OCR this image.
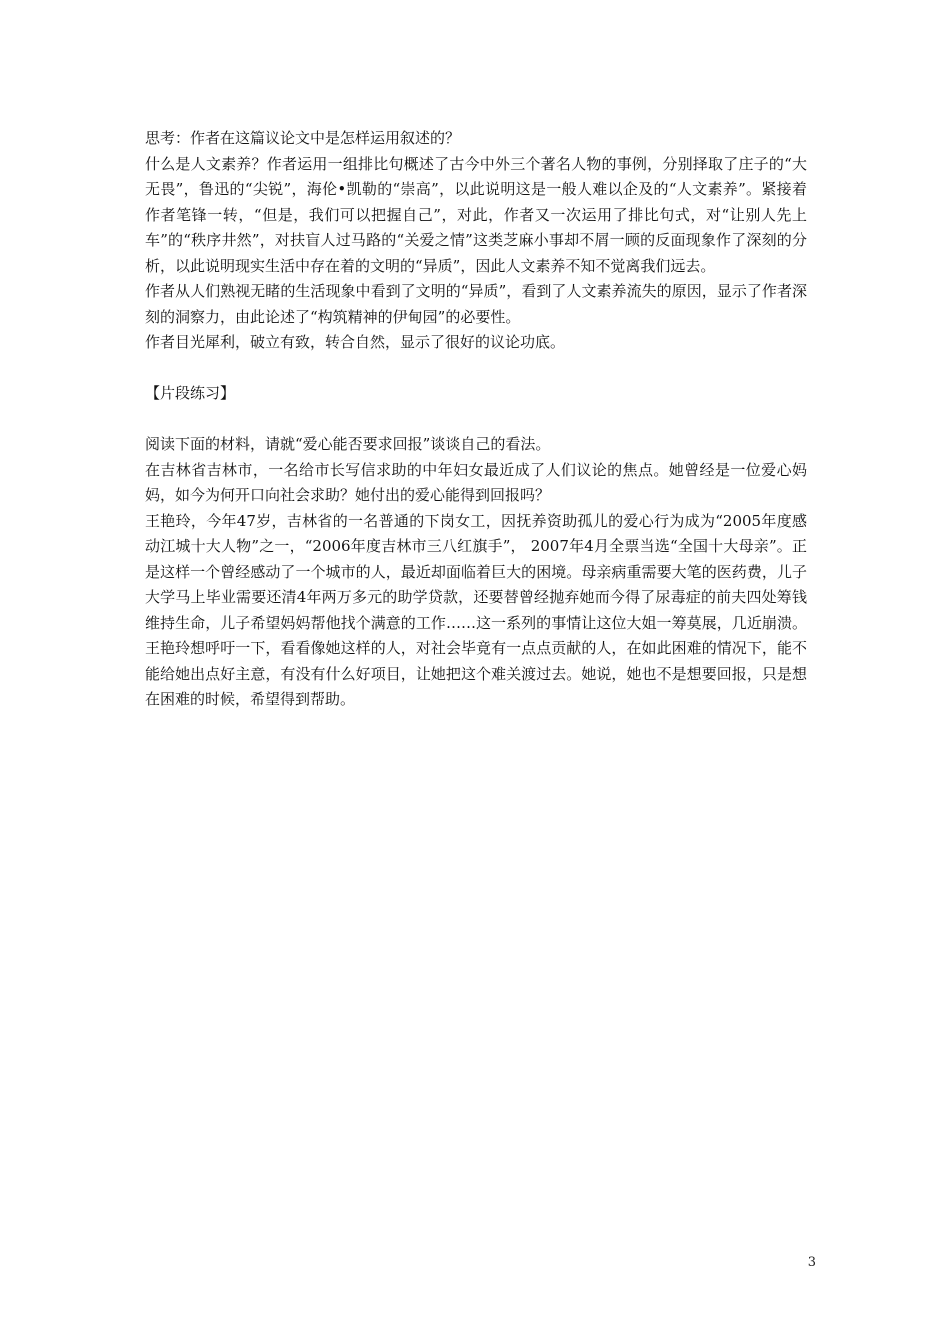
思考：作者在这篇议论文中是怎样运用叙述的？

什么是人文素养？作者运用一组排比句概述了古今中外三个著名人物的事例，分别择取了庄子的“大无畏”，鲁迅的“尖锐”，海伦•凯勒的“崇高”，以此说明这是一般人难以企及的“人文素养”。紧接着作者笔锋一转，“但是，我们可以把握自己”，对此，作者又一次运用了排比句式，对“让别人先上车”的“秩序井然”，对扶盲人过马路的“关爱之情”这类芝麻小事却不屑一顾的反面现象作了深刻的分析，以此说明现实生活中存在着的文明的“异质”，因此人文素养不知不觉离我们远去。

作者从人们熟视无睹的生活现象中看到了文明的“异质”，看到了人文素养流失的原因，显示了作者深刻的洞察力，由此论述了“构筑精神的伊甸园”的必要性。

作者目光犀利，破立有致，转合自然，显示了很好的议论功底。

【片段练习】

阅读下面的材料，请就“爱心能否要求回报”谈谈自己的看法。

在吉林省吉林市，一名给市长写信求助的中年妇女最近成了人们议论的焦点。她曾经是一位爱心妈妈，如今为何开口向社会求助？她付出的爱心能得到回报吗？

王艳玲，今年47岁，吉林省的一名普通的下岗女工，因抚养资助孤儿的爱心行为成为“2005年度感动江城十大人物”之一，“2006年度吉林市三八红旗手”， 2007年4月全票当选“全国十大母亲”。正是这样一个曾经感动了一个城市的人，最近却面临着巨大的困境。母亲病重需要大笔的医药费，儿子大学马上毕业需要还清4年两万多元的助学贷款，还要替曾经抛弃她而今得了尿毒症的前夫四处筹钱维持生命，儿子希望妈妈帮他找个满意的工作……这一系列的事情让这位大姐一筹莫展，几近崩溃。王艳玲想呼吁一下，看看像她这样的人，对社会毕竟有一点点贡献的人，在如此困难的情况下，能不能给她出点好主意，有没有什么好项目，让她把这个难关渡过去。她说，她也不是想要回报，只是想在困难的时候，希望得到帮助。

3
